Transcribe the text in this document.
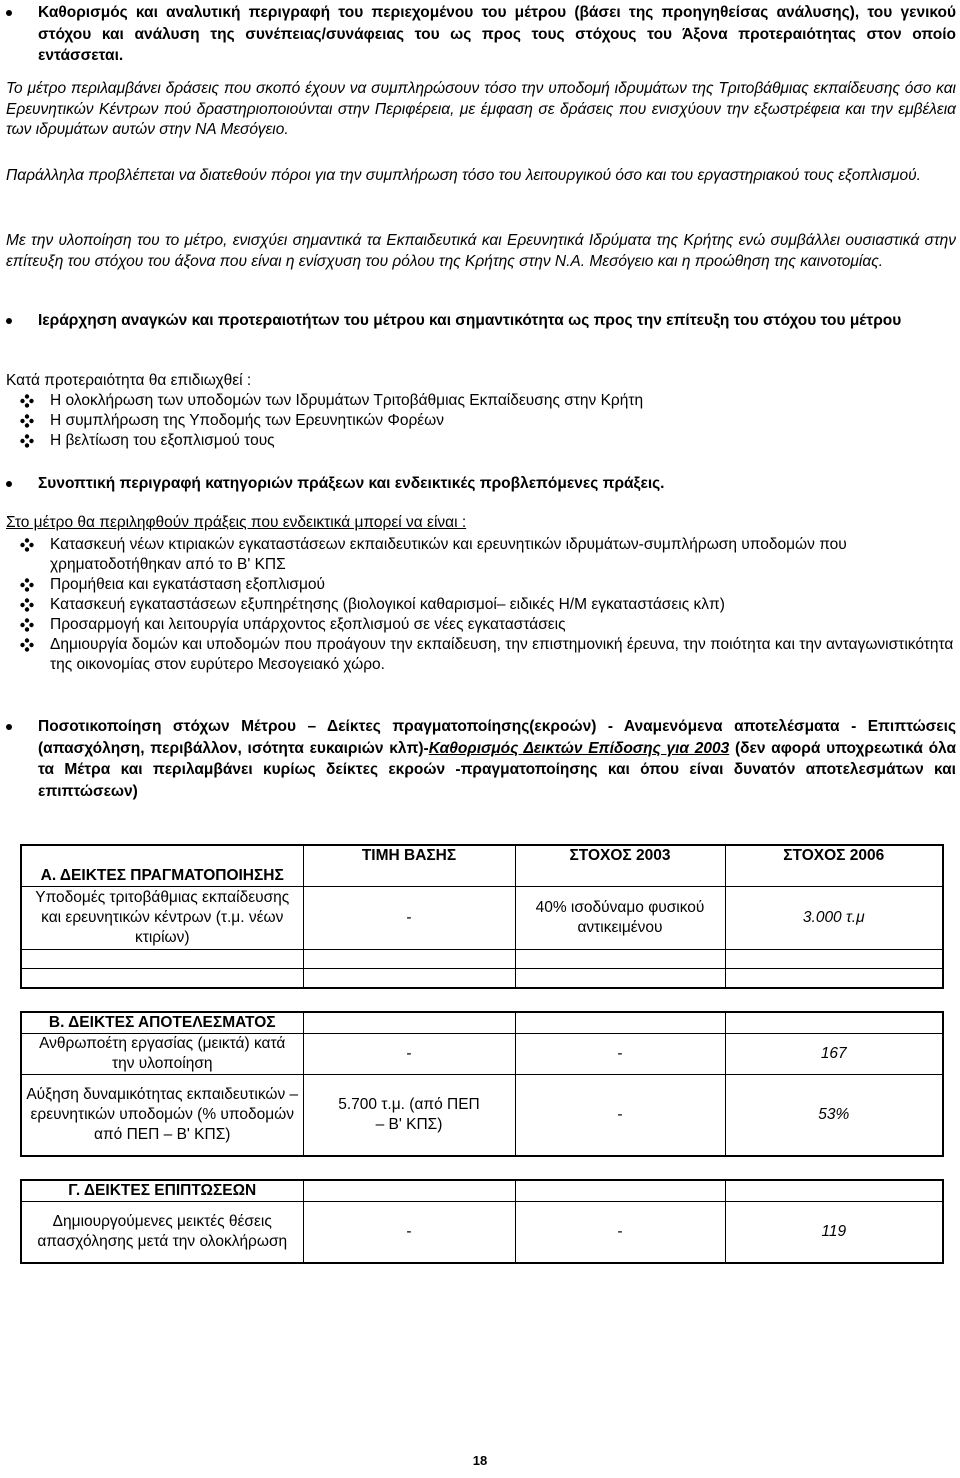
Καθορισμός και αναλυτική περιγραφή του περιεχομένου του μέτρου (βάσει της προηγηθείσας ανάλυσης), του γενικού στόχου και ανάλυση της συνέπειας/συνάφειας του ως προς τους στόχους του Άξονα προτεραιότητας στον οποίο εντάσσεται.
Το μέτρο περιλαμβάνει δράσεις που σκοπό έχουν να συμπληρώσουν τόσο την υποδομή ιδρυμάτων της Τριτοβάθμιας εκπαίδευσης όσο και Ερευνητικών Κέντρων πού δραστηριοποιούνται στην Περιφέρεια, με έμφαση σε δράσεις που ενισχύουν την εξωστρέφεια και την εμβέλεια των ιδρυμάτων αυτών στην ΝΑ Μεσόγειο.
Παράλληλα προβλέπεται να διατεθούν πόροι για την συμπλήρωση τόσο του λειτουργικού όσο και του εργαστηριακού τους εξοπλισμού.
Με την υλοποίηση του το μέτρο, ενισχύει σημαντικά τα Εκπαιδευτικά και Ερευνητικά Ιδρύματα της Κρήτης ενώ συμβάλλει ουσιαστικά στην επίτευξη του στόχου του άξονα που είναι η ενίσχυση του ρόλου της Κρήτης στην Ν.Α. Μεσόγειο και η προώθηση της καινοτομίας.
Ιεράρχηση αναγκών και προτεραιοτήτων του μέτρου και σημαντικότητα ως προς την επίτευξη του στόχου του μέτρου
Κατά προτεραιότητα θα επιδιωχθεί :
Η ολοκλήρωση των υποδομών των Ιδρυμάτων Τριτοβάθμιας Εκπαίδευσης στην Κρήτη
Η συμπλήρωση της Υποδομής των Ερευνητικών Φορέων
Η βελτίωση του εξοπλισμού τους
Συνοπτική περιγραφή κατηγοριών πράξεων και ενδεικτικές προβλεπόμενες πράξεις.
Στο μέτρο θα περιληφθούν πράξεις που ενδεικτικά μπορεί να είναι :
Κατασκευή νέων κτιριακών εγκαταστάσεων εκπαιδευτικών και ερευνητικών ιδρυμάτων-συμπλήρωση υποδομών που χρηματοδοτήθηκαν από το Β' ΚΠΣ
Προμήθεια και εγκατάσταση εξοπλισμού
Κατασκευή εγκαταστάσεων εξυπηρέτησης (βιολογικοί καθαρισμοί– ειδικές Η/Μ εγκαταστάσεις κλπ)
Προσαρμογή και λειτουργία υπάρχοντος εξοπλισμού σε νέες εγκαταστάσεις
Δημιουργία δομών και υποδομών που προάγουν την εκπαίδευση, την επιστημονική έρευνα, την ποιότητα και την ανταγωνιστικότητα της οικονομίας στον ευρύτερο Μεσογειακό χώρο.
Ποσοτικοποίηση στόχων Μέτρου – Δείκτες πραγματοποίησης(εκροών) - Αναμενόμενα αποτελέσματα - Επιπτώσεις (απασχόληση, περιβάλλον, ισότητα ευκαιριών κλπ)-Καθορισμός Δεικτών Επίδοσης για 2003 (δεν αφορά υποχρεωτικά όλα τα Μέτρα και περιλαμβάνει κυρίως δείκτες εκροών -πραγματοποίησης και όπου είναι δυνατόν αποτελεσμάτων και επιπτώσεων)
Α. ΔΕΙΚΤΕΣ ΠΡΑΓΜΑΤΟΠΟΙΗΣΗΣ	ΤΙΜΗ ΒΑΣΗΣ	ΣΤΟΧΟΣ 2003	ΣΤΟΧΟΣ 2006
Υποδομές τριτοβάθμιας εκπαίδευσης και ερευνητικών κέντρων (τ.μ. νέων κτιρίων)	-	40% ισοδύναμο φυσικού αντικειμένου	3.000 τ.μ

Β. ΔΕΙΚΤΕΣ ΑΠΟΤΕΛΕΣΜΑΤΟΣ			
Ανθρωποέτη εργασίας (μεικτά) κατά την υλοποίηση	-	-	167
Αύξηση δυναμικότητας εκπαιδευτικών – ερευνητικών υποδομών (% υποδομών από ΠΕΠ – Β' ΚΠΣ)	5.700 τ.μ. (από ΠΕΠ – Β' ΚΠΣ)	-	53%

Γ. ΔΕΙΚΤΕΣ ΕΠΙΠΤΩΣΕΩΝ			
Δημιουργούμενες μεικτές θέσεις απασχόλησης μετά την ολοκλήρωση	-	-	119
18
